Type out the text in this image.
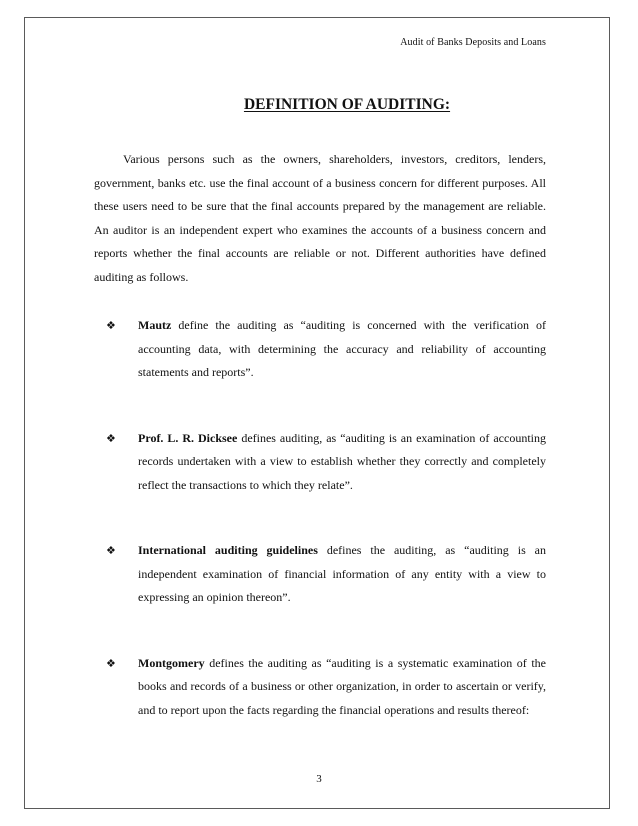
Audit of Banks Deposits and Loans
DEFINITION OF AUDITING:

Various persons such as the owners, shareholders, investors, creditors, lenders, government, banks etc. use the final account of a business concern for different purposes. All these users need to be sure that the final accounts prepared by the management are reliable. An auditor is an independent expert who examines the accounts of a business concern and reports whether the final accounts are reliable or not. Different authorities have defined auditing as follows.

❖ Mautz define the auditing as “auditing is concerned with the verification of accounting data, with determining the accuracy and reliability of accounting statements and reports”.
❖ Prof. L. R. Dicksee defines auditing, as “auditing is an examination of accounting records undertaken with a view to establish whether they correctly and completely reflect the transactions to which they relate”.
❖ International auditing guidelines defines the auditing, as “auditing is an independent examination of financial information of any entity with a view to expressing an opinion thereon”.
❖ Montgomery defines the auditing as “auditing is a systematic examination of the books and records of a business or other organization, in order to ascertain or verify, and to report upon the facts regarding the financial operations and results thereof:
3
